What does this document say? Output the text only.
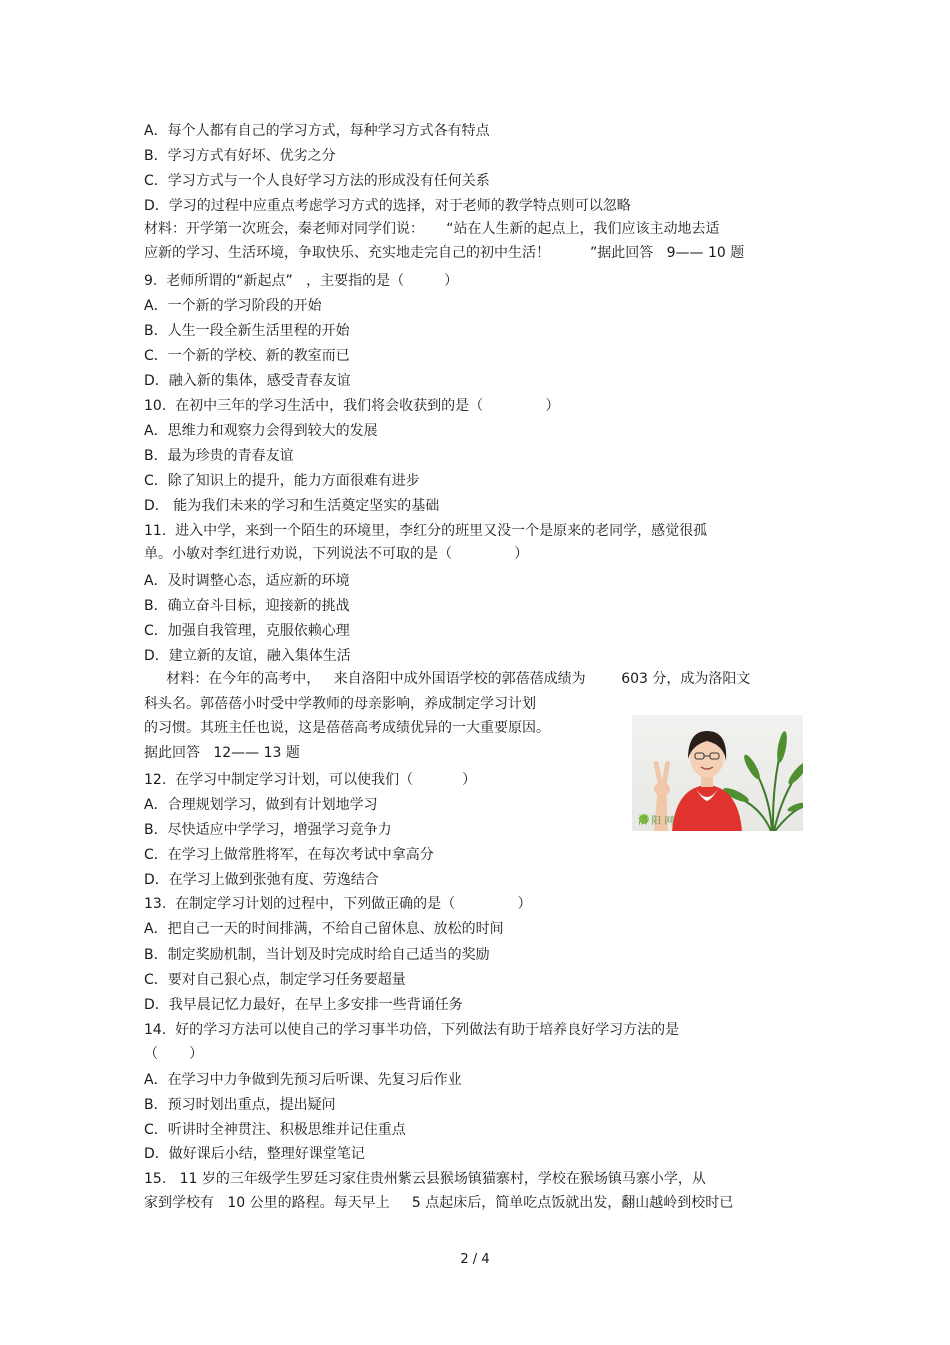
A．每个人都有自己的学习方式，每种学习方式各有特点
B．学习方式有好坏、优劣之分
C．学习方式与一个人良好学习方法的形成没有任何关系
D．学习的过程中应重点考虑学习方式的选择，对于老师的教学特点则可以忽略
材料：开学第一次班会，秦老师对同学们说：     “站在人生新的起点上，我们应该主动地去适
应新的学习、生活环境，争取快乐、充实地走完自己的初中生活！         ”据此回答   9—— 10 题
9.  老师所谓的“新起点”   ，主要指的是（         ）
A．一个新的学习阶段的开始
B．人生一段全新生活里程的开始
C．一个新的学校、新的教室而已
D．融入新的集体，感受青春友谊
10.  在初中三年的学习生活中，我们将会收获到的是（              ）
A．思维力和观察力会得到较大的发展
B．最为珍贵的青春友谊
C．除了知识上的提升，能力方面很难有进步
D． 能为我们未来的学习和生活奠定坚实的基础
11.  进入中学，来到一个陌生的环境里，李红分的班里又没一个是原来的老同学，感觉很孤
单。小敏对李红进行劝说，下列说法不可取的是（              ）
A．及时调整心态，适应新的环境
B．确立奋斗目标，迎接新的挑战
C．加强自我管理，克服依赖心理
D．建立新的友谊，融入集体生活
材料：在今年的高考中，   来自洛阳中成外国语学校的郭蓓蓓成绩为        603 分，成为洛阳文
科头名。郭蓓蓓小时受中学教师的母亲影响，养成制定学习计划
的习惯。其班主任也说，这是蓓蓓高考成绩优异的一大重要原因。
据此回答   12—— 13 题
12.  在学习中制定学习计划，可以使我们（           ）
A．合理规划学习，做到有计划地学习
B．尽快适应中学学习，增强学习竞争力
C．在学习上做常胜将军，在每次考试中拿高分
D．在学习上做到张弛有度、劳逸结合
13.  在制定学习计划的过程中，下列做正确的是（              ）
A．把自己一天的时间排满，不给自己留休息、放松的时间
B．制定奖励机制，当计划及时完成时给自己适当的奖励
C．要对自己狠心点，制定学习任务要超量
D．我早晨记忆力最好，在早上多安排一些背诵任务
14.  好的学习方法可以使自己的学习事半功倍，下列做法有助于培养良好学习方法的是
（       ）
A．在学习中力争做到先预习后听课、先复习后作业
B．预习时划出重点，提出疑问
C．听讲时全神贯注、积极思维并记住重点
D．做好课后小结，整理好课堂笔记
15.   11 岁的三年级学生罗廷习家住贵州紫云县猴场镇猫寨村，学校在猴场镇马寨小学，从
家到学校有   10 公里的路程。每天早上     5 点起床后，简单吃点饭就出发，翻山越岭到校时已
洛 阳 网
2 / 4
